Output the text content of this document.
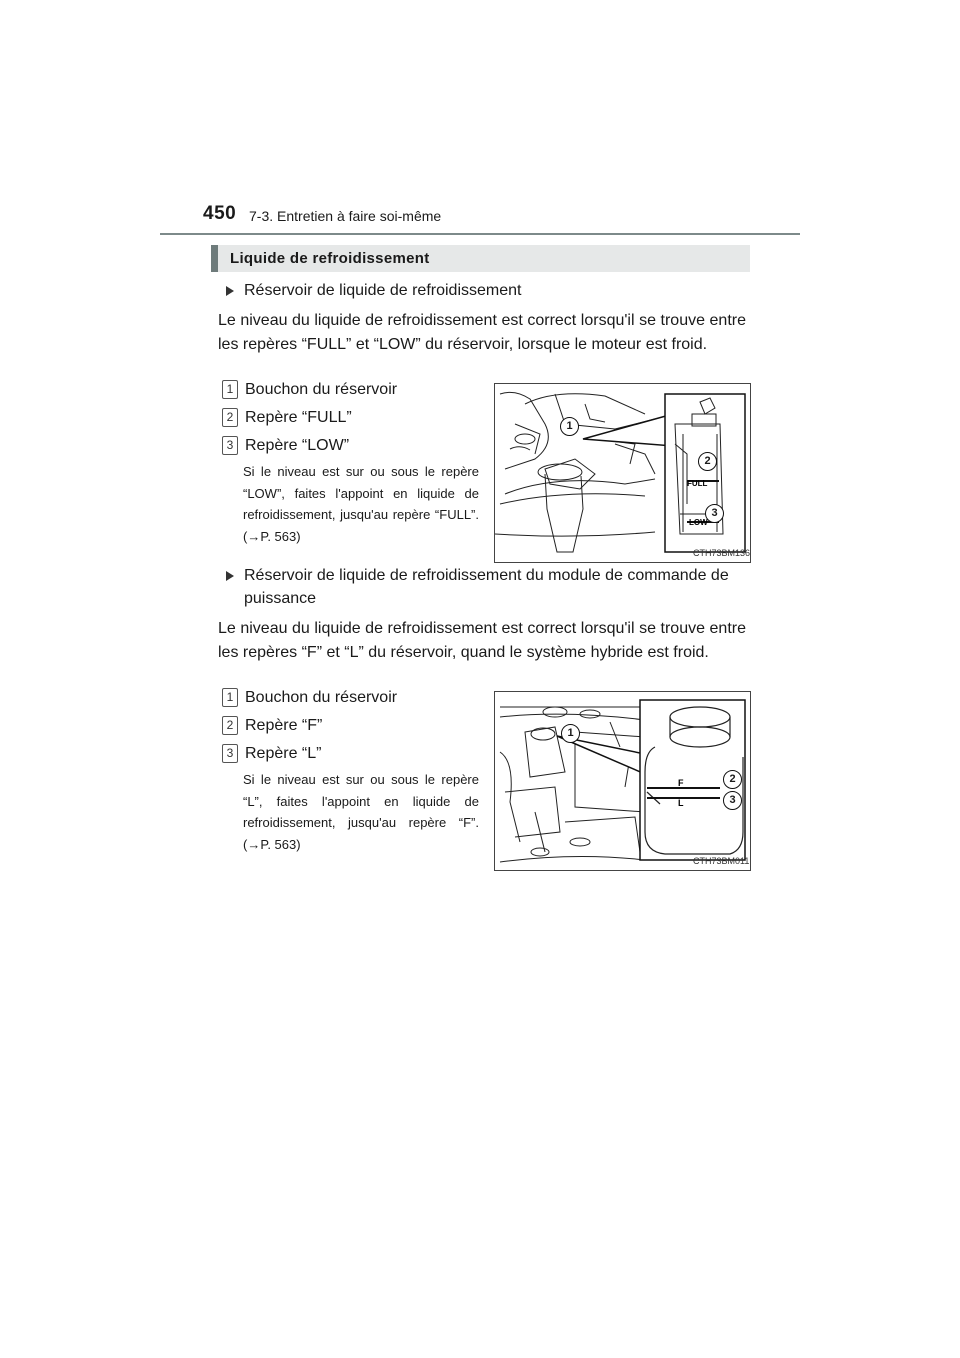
450 7-3. Entretien à faire soi-même
Liquide de refroidissement
Réservoir de liquide de refroidissement
Le niveau du liquide de refroidissement est correct lorsqu'il se trouve entre les repères “FULL” et “LOW” du réservoir, lorsque le moteur est froid.
1 Bouchon du réservoir
2 Repère “FULL”
3 Repère “LOW”
Si le niveau est sur ou sous le repère “LOW”, faites l'appoint en liquide de refroidissement, jusqu'au repère “FULL”. (→P. 563)
FULL
LOW
1
2
3
CTH73BM136
Réservoir de liquide de refroidissement du module de commande de puissance
Le niveau du liquide de refroidissement est correct lorsqu'il se trouve entre les repères “F” et “L” du réservoir, quand le système hybride est froid.
1 Bouchon du réservoir
2 Repère “F”
3 Repère “L”
Si le niveau est sur ou sous le repère “L”, faites l'appoint en liquide de refroidissement, jusqu'au repère “F”. (→P. 563)
F
L
1
2
3
CTH73BM011
